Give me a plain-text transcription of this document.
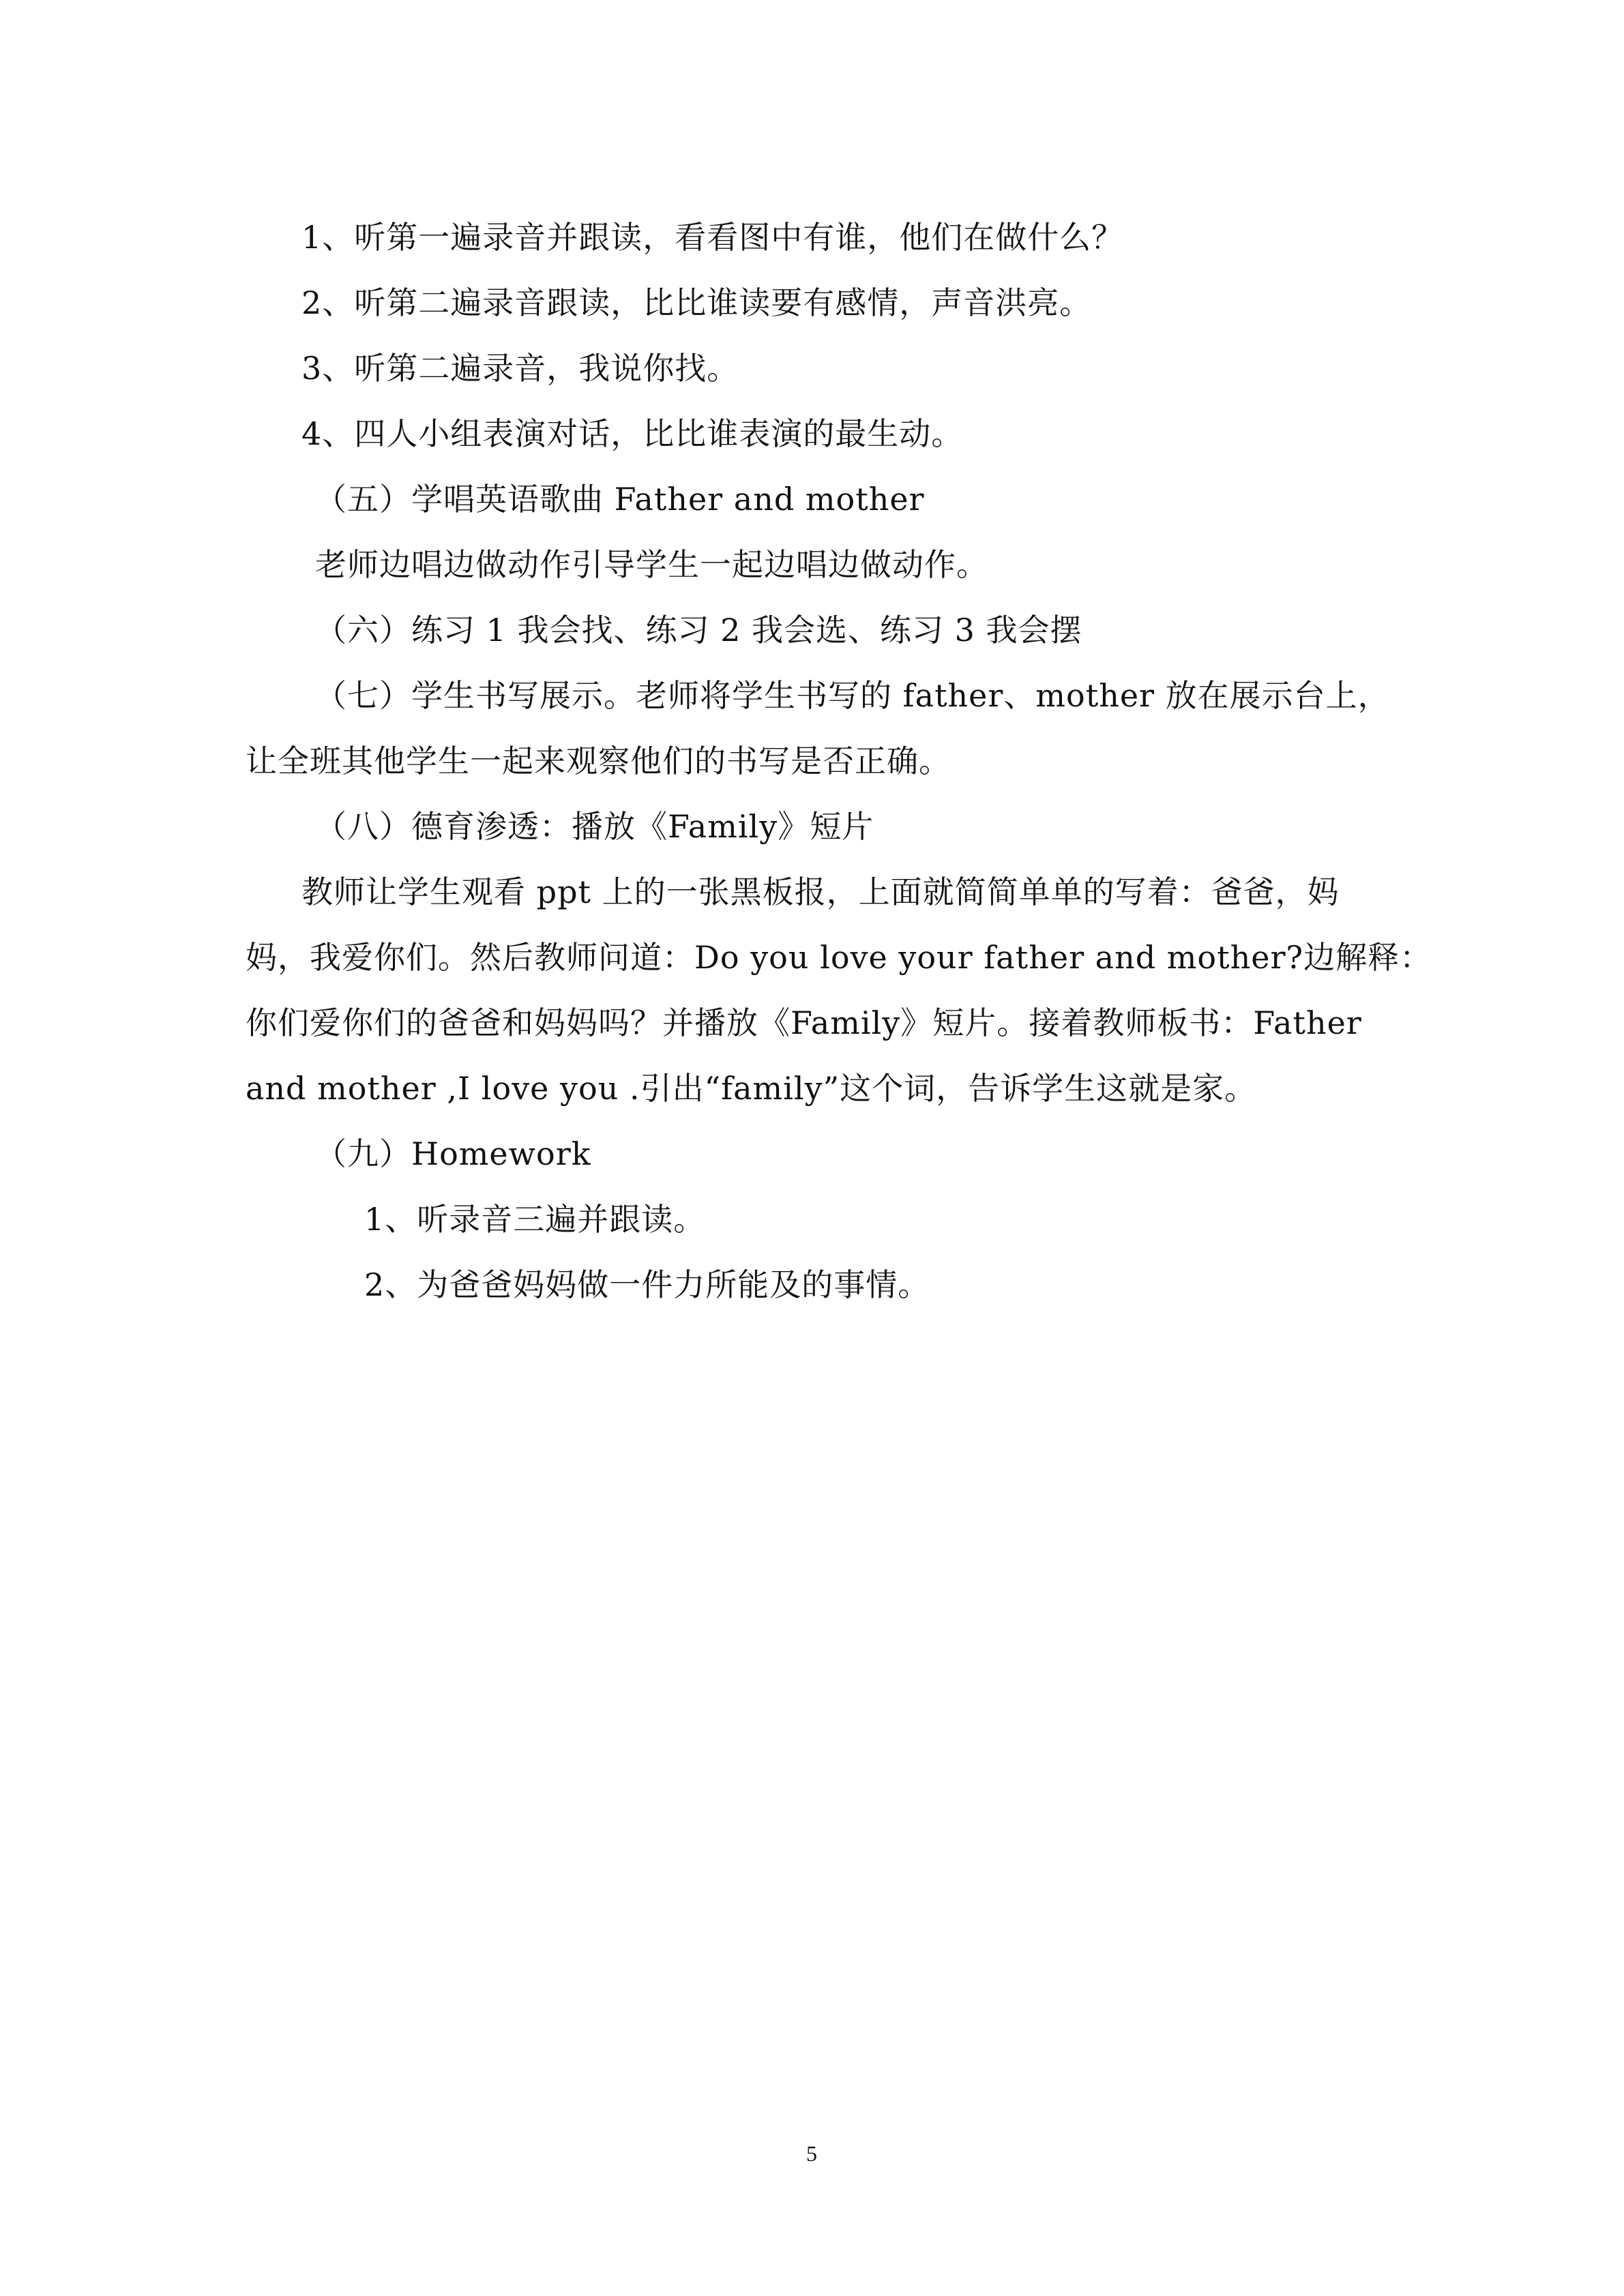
1、听第一遍录音并跟读，看看图中有谁，他们在做什么？
2、听第二遍录音跟读，比比谁读要有感情，声音洪亮。
3、听第二遍录音，我说你找。
4、四人小组表演对话，比比谁表演的最生动。
（五）学唱英语歌曲 Father and mother
老师边唱边做动作引导学生一起边唱边做动作。
（六）练习 1 我会找、练习 2 我会选、练习 3 我会摆
（七）学生书写展示。老师将学生书写的 father、mother 放在展示台上，
让全班其他学生一起来观察他们的书写是否正确。
（八）德育渗透：播放《Family》短片
教师让学生观看 ppt 上的一张黑板报，上面就简简单单的写着：爸爸，妈
妈，我爱你们。然后教师问道：Do you love your father and mother?边解释：
你们爱你们的爸爸和妈妈吗？并播放《Family》短片。接着教师板书：Father
and mother ,I love you .引出“family”这个词，告诉学生这就是家。
（九）Homework
1、听录音三遍并跟读。
2、为爸爸妈妈做一件力所能及的事情。
5
